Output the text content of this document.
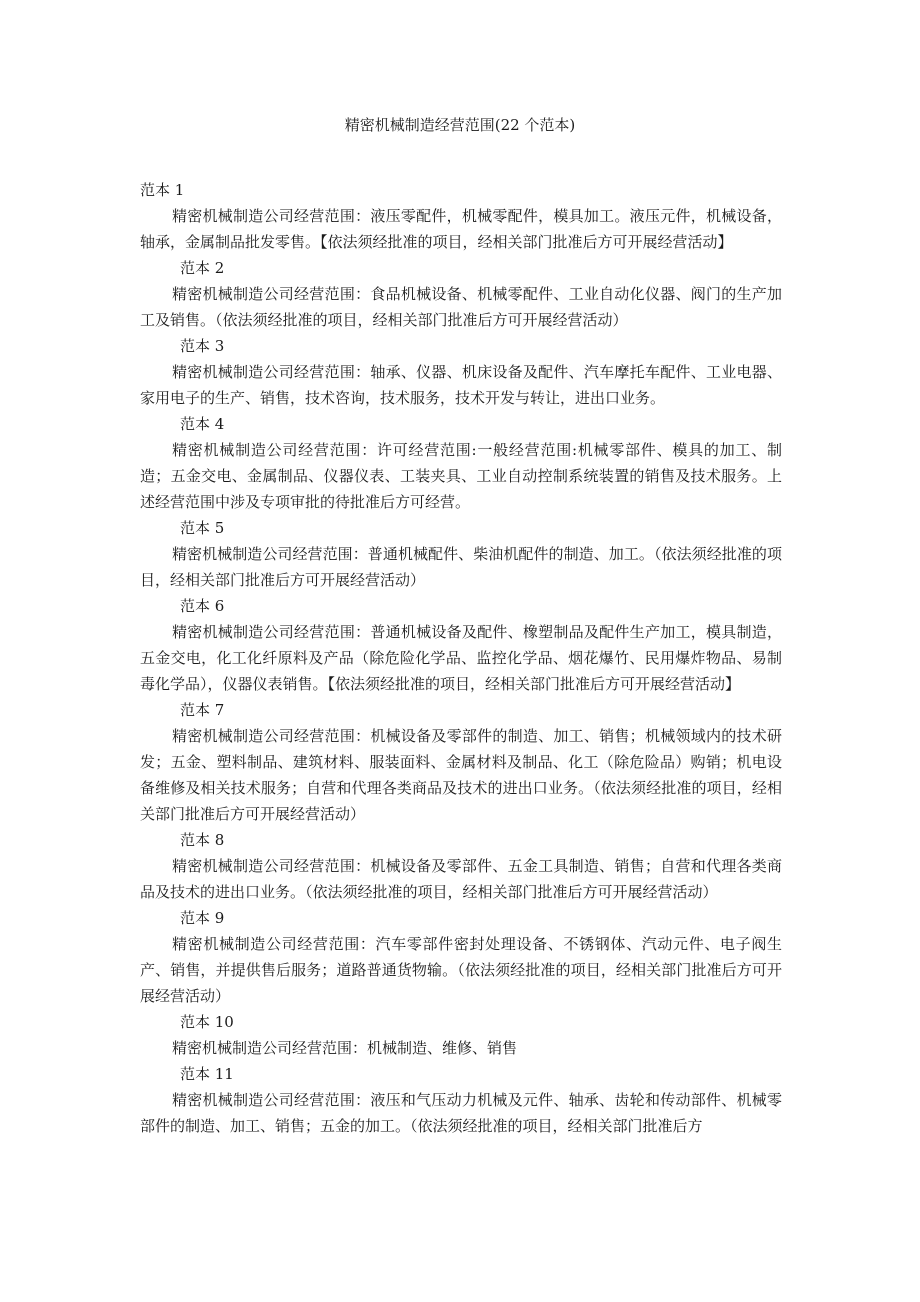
精密机械制造经营范围(22 个范本)

范本 1

精密机械制造公司经营范围：液压零配件，机械零配件，模具加工。液压元件，机械设备，轴承，金属制品批发零售。【依法须经批准的项目，经相关部门批准后方可开展经营活动】

范本 2

精密机械制造公司经营范围：食品机械设备、机械零配件、工业自动化仪器、阀门的生产加工及销售。（依法须经批准的项目，经相关部门批准后方可开展经营活动）

范本 3

精密机械制造公司经营范围：轴承、仪器、机床设备及配件、汽车摩托车配件、工业电器、家用电子的生产、销售，技术咨询，技术服务，技术开发与转让，进出口业务。

范本 4

精密机械制造公司经营范围：许可经营范围:一般经营范围:机械零部件、模具的加工、制造；五金交电、金属制品、仪器仪表、工装夹具、工业自动控制系统装置的销售及技术服务。上述经营范围中涉及专项审批的待批准后方可经营。

范本 5

精密机械制造公司经营范围：普通机械配件、柴油机配件的制造、加工。（依法须经批准的项目，经相关部门批准后方可开展经营活动）

范本 6

精密机械制造公司经营范围：普通机械设备及配件、橡塑制品及配件生产加工，模具制造，五金交电，化工化纤原料及产品（除危险化学品、监控化学品、烟花爆竹、民用爆炸物品、易制毒化学品），仪器仪表销售。【依法须经批准的项目，经相关部门批准后方可开展经营活动】

范本 7

精密机械制造公司经营范围：机械设备及零部件的制造、加工、销售；机械领域内的技术研发；五金、塑料制品、建筑材料、服装面料、金属材料及制品、化工（除危险品）购销；机电设备维修及相关技术服务；自营和代理各类商品及技术的进出口业务。（依法须经批准的项目，经相关部门批准后方可开展经营活动）

范本 8

精密机械制造公司经营范围：机械设备及零部件、五金工具制造、销售；自营和代理各类商品及技术的进出口业务。（依法须经批准的项目，经相关部门批准后方可开展经营活动）

范本 9

精密机械制造公司经营范围：汽车零部件密封处理设备、不锈钢体、汽动元件、电子阀生产、销售，并提供售后服务；道路普通货物输。（依法须经批准的项目，经相关部门批准后方可开展经营活动）

范本 10

精密机械制造公司经营范围：机械制造、维修、销售

范本 11

精密机械制造公司经营范围：液压和气压动力机械及元件、轴承、齿轮和传动部件、机械零部件的制造、加工、销售；五金的加工。（依法须经批准的项目，经相关部门批准后方
